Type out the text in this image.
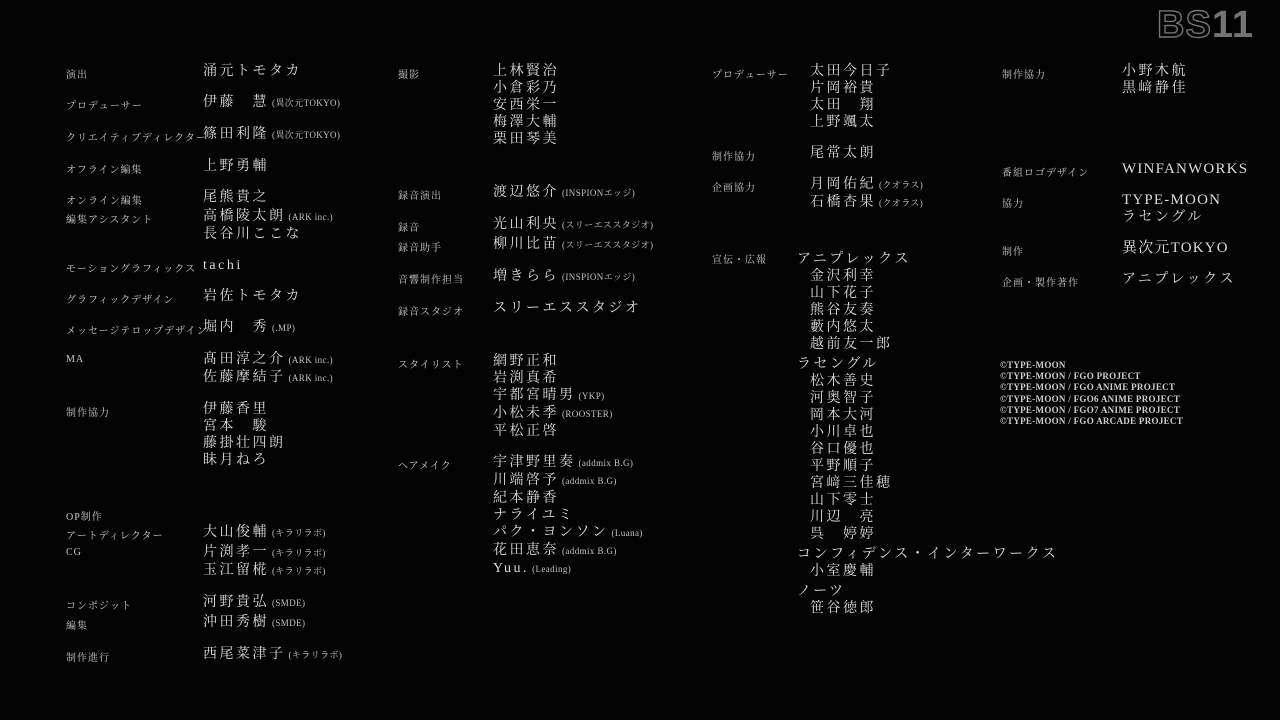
BS11
演出	涌元トモタカ
プロデューサー	伊藤　慧 (異次元TOKYO)
クリエイティブディレクター
篠田利隆 (異次元TOKYO)
オフライン編集	上野勇輔
オンライン編集	尾熊貴之
編集アシスタント	高橋陵太朗 (ARK inc.)
長谷川ここな
モーショングラフィックス tachi
グラフィックデザイン 岩佐トモタカ
メッセージテロップデザイン
堀内　秀 (.MP)
MA	髙田淳之介 (ARK inc.)
佐藤摩結子 (ARK inc.)
制作協力	伊藤香里
宮本　駿
藤掛壮四朗
眛月ねろ
OP制作
アートディレクター	大山俊輔 (キラリラボ)
CG	片渕孝一 (キラリラボ)
玉江留椛 (キラリラボ)
コンポジット	河野貴弘 (SMDE)
編集	沖田秀樹 (SMDE)
制作進行	西尾菜津子 (キラリラボ)
撮影	上林賢治
小倉彩乃
安西栄一
梅澤大輔
栗田琴美
録音演出	渡辺悠介 (INSPIONエッジ)
録音	光山利央 (スリーエススタジオ)
録音助手	柳川比苗 (スリーエススタジオ)
音響制作担当 増きらら (INSPIONエッジ)
録音スタジオ スリーエススタジオ
スタイリスト 網野正和
岩渕真希
宇都宮晴男 (YKP)
小松未季 (ROOSTER)
平松正啓
ヘアメイク	宇津野里奏 (addmix B.G)
川端啓予 (addmix B.G)
紀本静香
ナライユミ
パク・ヨンソン (Luana)
花田恵奈 (addmix B.G)
Yuu. (Leading)
プロデューサー 太田今日子
片岡裕貴
太田　翔
上野颯太
制作協力	尾常太朗
企画協力	月岡佑紀 (クオラス)
石橋杏果 (クオラス)
宣伝・広報 アニプレックス
金沢利幸
山下花子
熊谷友奏
藪内悠太
越前友一郎
ラセングル
松木善史
河奥智子
岡本大河
小川卓也
谷口優也
平野順子
宮﨑三佳穂
山下零士
川辺　亮
呉　婷婷
コンフィデンス・インターワークス
小室慶輔
ノーツ
笹谷徳郎
制作協力	小野木航
黒﨑静佳
番組ロゴデザイン WINFANWORKS
協力	TYPE-MOON
ラセングル
制作	異次元TOKYO
企画・製作著作	アニプレックス
©TYPE-MOON
©TYPE-MOON / FGO PROJECT
©TYPE-MOON / FGO ANIME PROJECT
©TYPE-MOON / FGO6 ANIME PROJECT
©TYPE-MOON / FGO7 ANIME PROJECT
©TYPE-MOON / FGO ARCADE PROJECT
